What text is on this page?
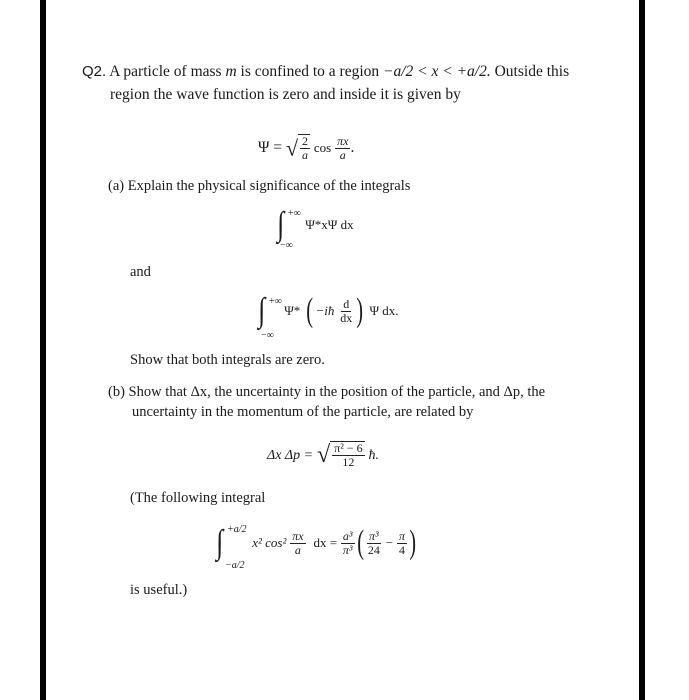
Q2. A particle of mass m is confined to a region −a/2 < x < +a/2. Outside this
region the wave function is zero and inside it is given by
Ψ = √ $\frac{2}{a}$ $\cos \frac{\pi x}{a}$ .
(a) Explain the physical significance of the integrals
∫ +∞
−∞
Ψ*xΨ dx
and
∫ +∞
−∞
Ψ* ( −iħ $\frac{d}{dx}$ ) Ψ dx.
Show that both integrals are zero.
(b) Show that Δx, the uncertainty in the position of the particle, and Δp, the
uncertainty in the momentum of the particle, are related by
Δx Δp = √ $\frac{\text{π² − 6}}{12}$ ħ.
(The following integral
∫ +a/2
−a/2
x² $\cos^2 \frac{\pi x}{a}$ dx = $\frac{\text{a³}}{\text{π³}}$ ( $\frac{\text{π³}}{24} - \frac{\pi}{4}$ )
is useful.)
